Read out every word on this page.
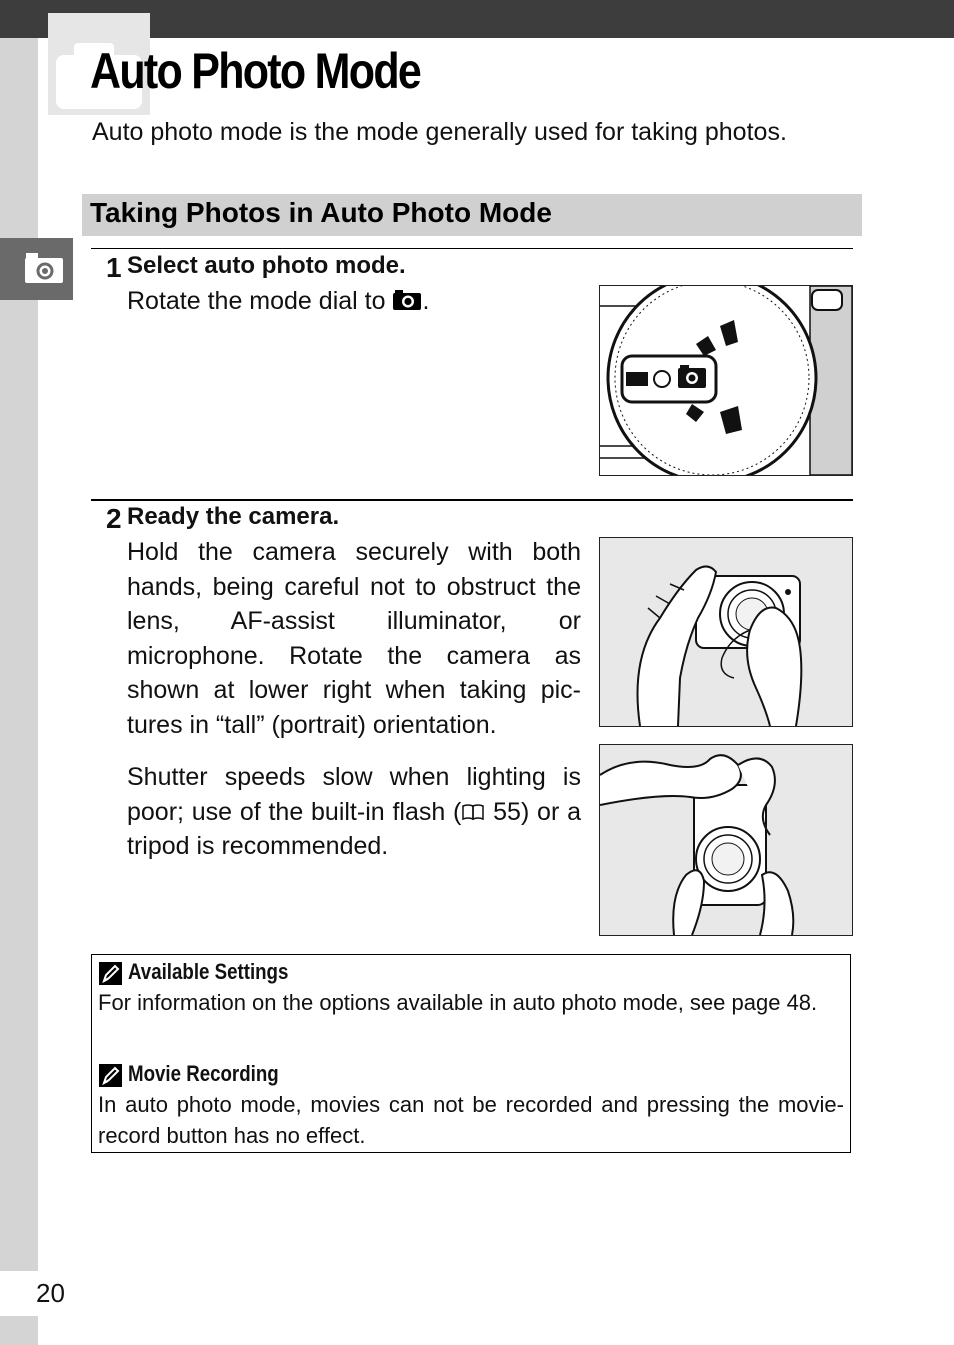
Auto Photo Mode
Auto photo mode is the mode generally used for taking photos.
Taking Photos in Auto Photo Mode
1 Select auto photo mode.
Rotate the mode dial to .
2 Ready the camera.
Hold the camera securely with both hands, being careful not to obstruct the lens, AF-assist illuminator, or microphone. Rotate the camera as shown at lower right when taking pic- tures in “tall” (portrait) orientation.
Shutter speeds slow when lighting is poor; use of the built-in flash ( 55) or a tripod is recommended.
Available Settings
For information on the options available in auto photo mode, see page 48.
Movie Recording
In auto photo mode, movies can not be recorded and pressing the movie-record button has no effect.
20
